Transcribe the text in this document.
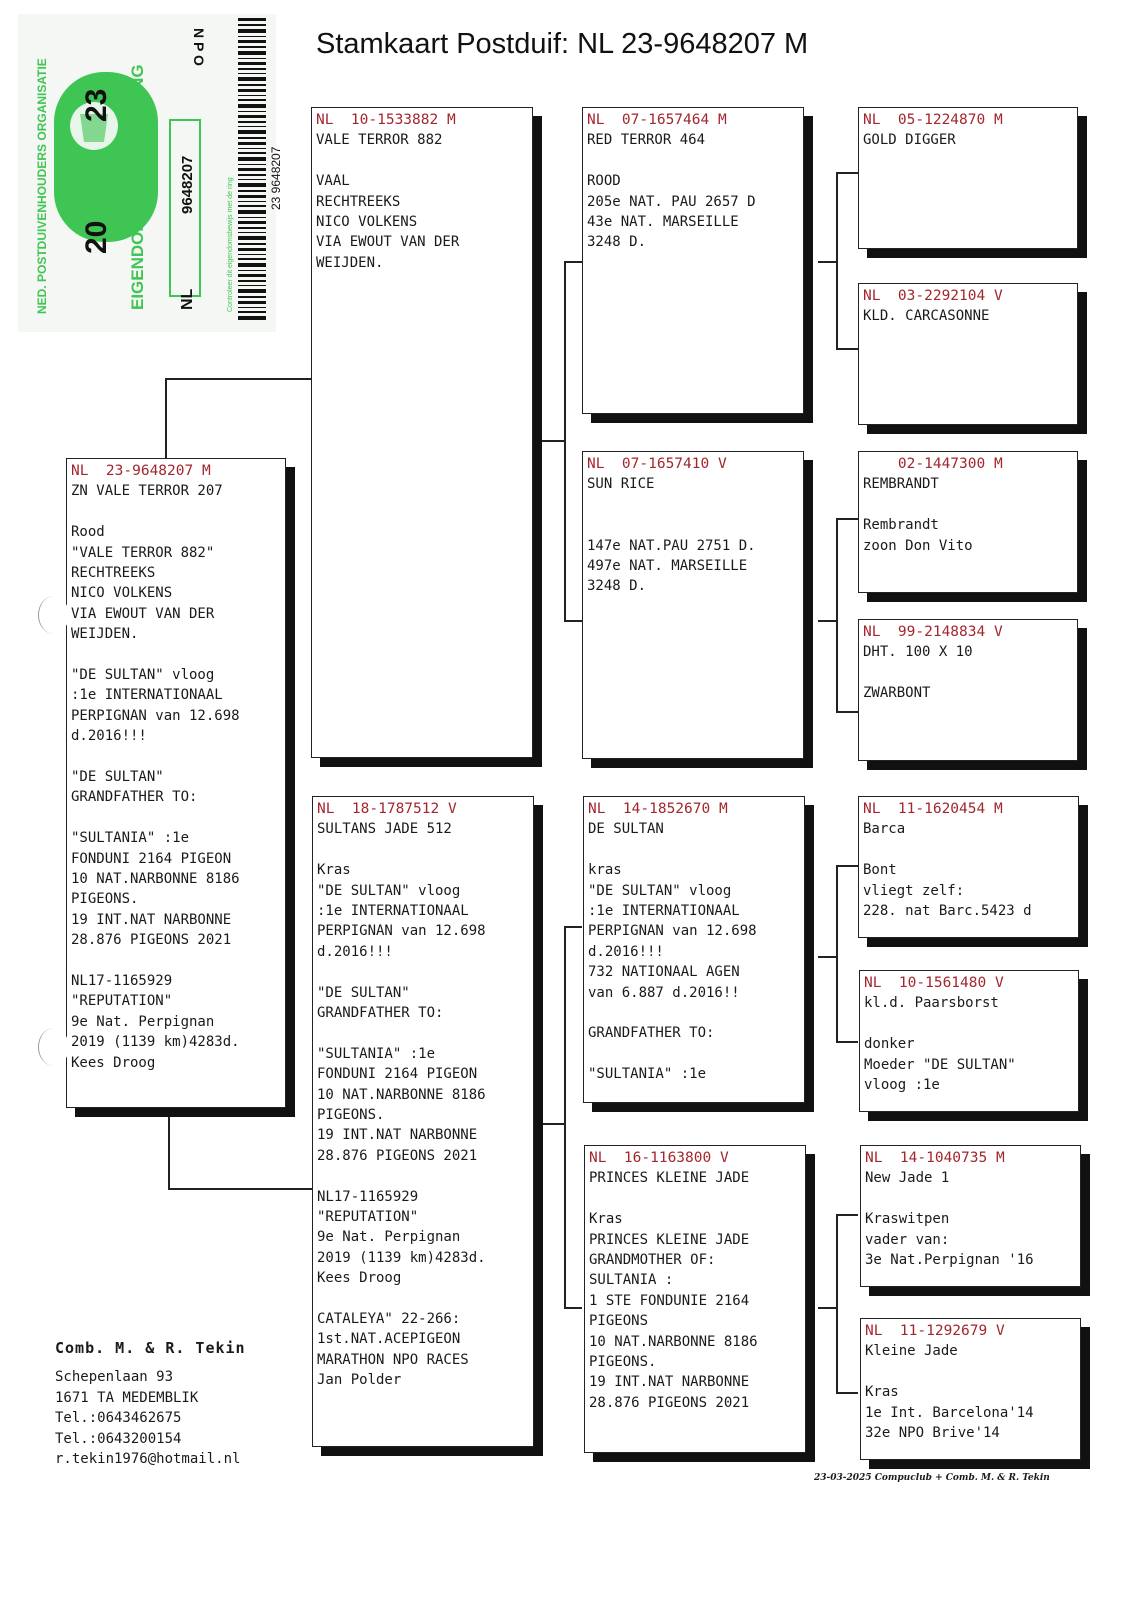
Stamkaart Postduif: NL 23-9648207 M
NED. POSTDUIVENHOUDERS ORGANISATIE 20
23 EIGENDOMSBEWIJS v/d RING NL
9648207
N P O
Controleer dit eigendomsbewijs met de ring	23 9648207
NL  23-9648207 M
ZN VALE TERROR 207
Rood
"VALE TERROR 882"
RECHTREEKS
NICO VOLKENS
VIA EWOUT VAN DER
WEIJDEN.
"DE SULTAN" vloog
:1e INTERNATIONAAL
PERPIGNAN van 12.698
d.2016!!!
"DE SULTAN"
GRANDFATHER TO:
"SULTANIA" :1e
FONDUNI 2164 PIGEON
10 NAT.NARBONNE 8186
PIGEONS.
19 INT.NAT NARBONNE
28.876 PIGEONS 2021
NL17-1165929
"REPUTATION"
9e Nat. Perpignan
2019 (1139 km)4283d.
Kees Droog
NL  10-1533882 M
VALE TERROR 882
VAAL
RECHTREEKS
NICO VOLKENS
VIA EWOUT VAN DER
WEIJDEN.
NL  18-1787512 V
SULTANS JADE 512
Kras
"DE SULTAN" vloog
:1e INTERNATIONAAL
PERPIGNAN van 12.698
d.2016!!!
"DE SULTAN"
GRANDFATHER TO:
"SULTANIA" :1e
FONDUNI 2164 PIGEON
10 NAT.NARBONNE 8186
PIGEONS.
19 INT.NAT NARBONNE
28.876 PIGEONS 2021
NL17-1165929
"REPUTATION"
9e Nat. Perpignan
2019 (1139 km)4283d.
Kees Droog
CATALEYA" 22-266:
1st.NAT.ACEPIGEON
MARATHON NPO RACES
Jan Polder
NL  07-1657464 M
RED TERROR 464
ROOD
205e NAT. PAU 2657 D
43e NAT. MARSEILLE
3248 D.
NL  07-1657410 V
SUN RICE
147e NAT.PAU 2751 D.
497e NAT. MARSEILLE
3248 D.
NL  14-1852670 M
DE SULTAN
kras
"DE SULTAN" vloog
:1e INTERNATIONAAL
PERPIGNAN van 12.698
d.2016!!!
732 NATIONAAL AGEN
van 6.887 d.2016!!
GRANDFATHER TO:
"SULTANIA" :1e
NL  16-1163800 V
PRINCES KLEINE JADE
Kras
PRINCES KLEINE JADE
GRANDMOTHER OF:
SULTANIA :
1 STE FONDUNIE 2164
PIGEONS
10 NAT.NARBONNE 8186
PIGEONS.
19 INT.NAT NARBONNE
28.876 PIGEONS 2021
NL  05-1224870 M
GOLD DIGGER
NL  03-2292104 V
KLD. CARCASONNE
02-1447300 M
REMBRANDT
Rembrandt
zoon Don Vito
NL  99-2148834 V
DHT. 100 X 10
ZWARBONT
NL  11-1620454 M
Barca
Bont
vliegt zelf:
228. nat Barc.5423 d
NL  10-1561480 V
kl.d. Paarsborst
donker
Moeder "DE SULTAN"
vloog :1e
NL  14-1040735 M
New Jade 1
Kraswitpen
vader van:
3e Nat.Perpignan '16
NL  11-1292679 V
Kleine Jade
Kras
1e Int. Barcelona'14
32e NPO Brive'14
Comb. M. & R. Tekin
Schepenlaan 93
1671 TA MEDEMBLIK
Tel.:0643462675
Tel.:0643200154
r.tekin1976@hotmail.nl
23-03-2025 Compuclub + Comb. M. & R. Tekin
